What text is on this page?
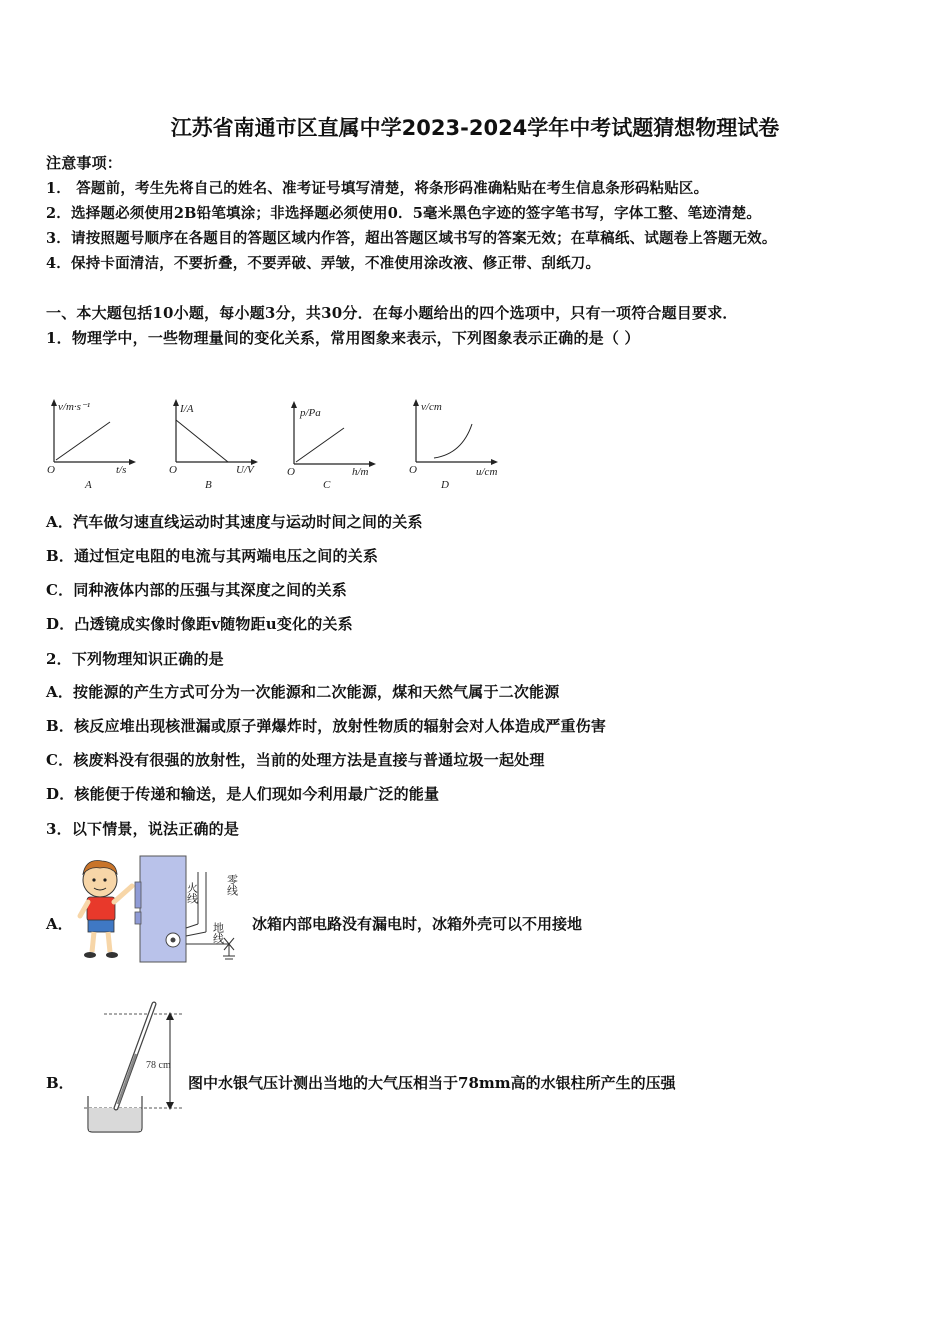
江苏省南通市区直属中学2023-2024学年中考试题猜想物理试卷
注意事项：
1． 答题前，考生先将自己的姓名、准考证号填写清楚，将条形码准确粘贴在考生信息条形码粘贴区。
2．选择题必须使用2B铅笔填涂；非选择题必须使用0．5毫米黑色字迹的签字笔书写，字体工整、笔迹清楚。
3．请按照题号顺序在各题目的答题区域内作答，超出答题区域书写的答案无效；在草稿纸、试题卷上答题无效。
4．保持卡面清洁，不要折叠，不要弄破、弄皱，不准使用涂改液、修正带、刮纸刀。
一、本大题包括10小题，每小题3分，共30分．在每小题给出的四个选项中，只有一项符合题目要求．
1．物理学中，一些物理量间的变化关系，常用图象来表示，下列图象表示正确的是（ ）
v/m·s⁻¹
t/s
O
A
I/A
U/V
O
B
p/Pa
h/m
O
C
v/cm
u/cm
O
D
A．汽车做匀速直线运动时其速度与运动时间之间的关系
B．通过恒定电阻的电流与其两端电压之间的关系
C．同种液体内部的压强与其深度之间的关系
D．凸透镜成实像时像距v随物距u变化的关系
2．下列物理知识正确的是
A．按能源的产生方式可分为一次能源和二次能源，煤和天然气属于二次能源
B．核反应堆出现核泄漏或原子弹爆炸时，放射性物质的辐射会对人体造成严重伤害
C．核废料没有很强的放射性，当前的处理方法是直接与普通垃圾一起处理
D．核能便于传递和输送，是人们现如今利用最广泛的能量
3．以下情景，说法正确的是
A．
火线 零线
地线 冰箱内部电路没有漏电时，冰箱外壳可以不用接地
B．
78 cm
图中水银气压计测出当地的大气压相当于78mm高的水银柱所产生的压强
